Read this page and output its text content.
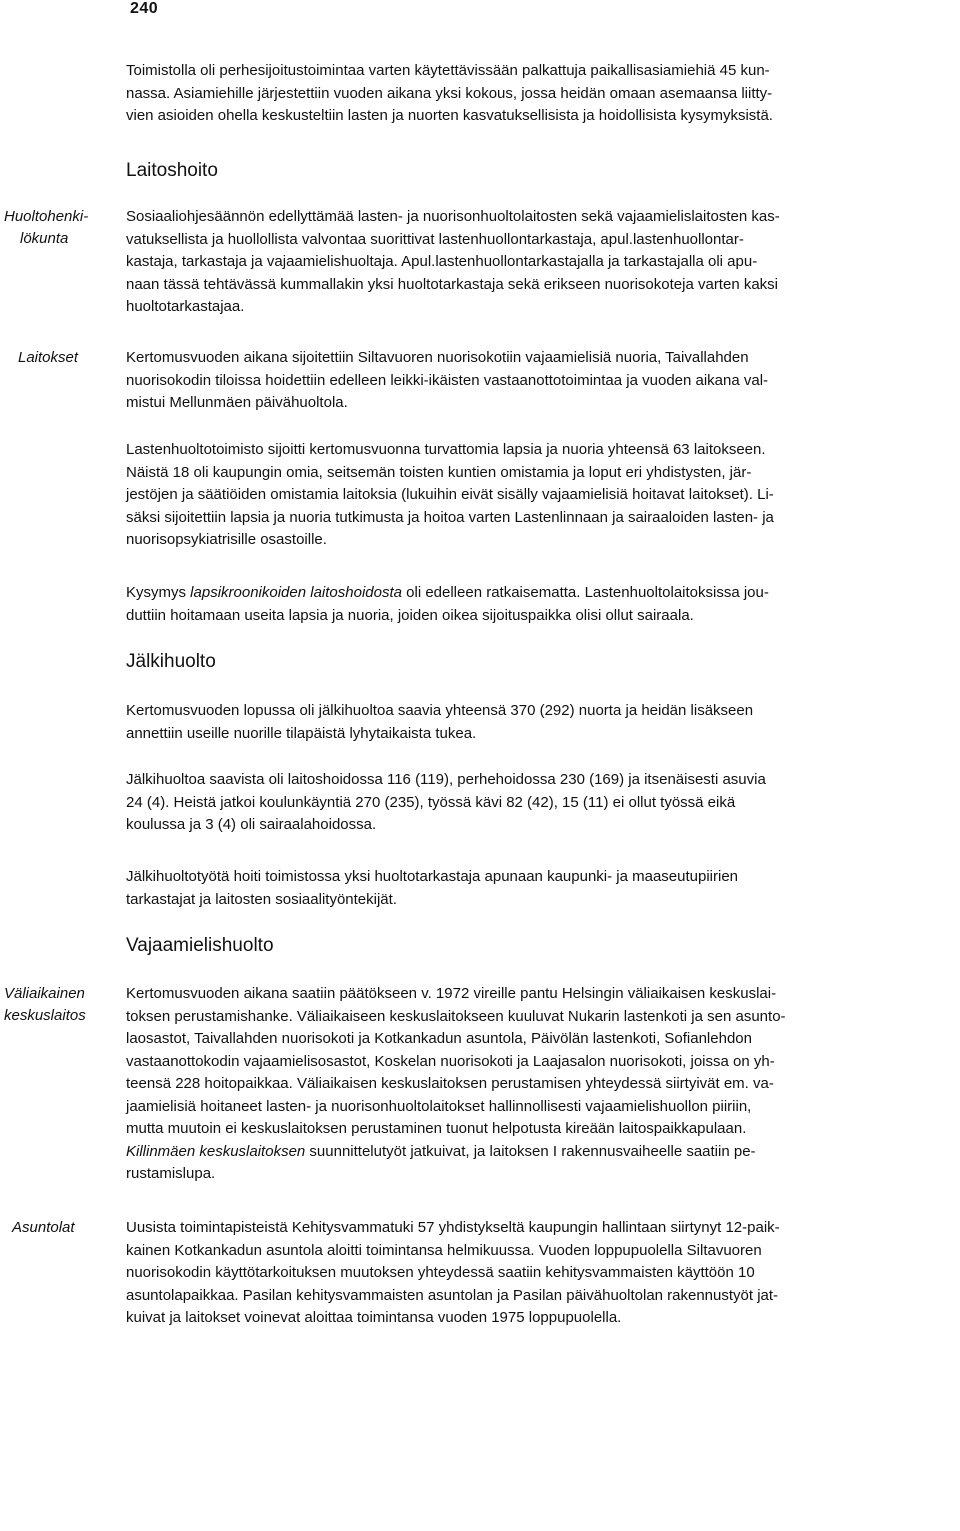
240

Toimistolla oli perhesijoitustoimintaa varten käytettävissään palkattuja paikallisasiamiehiä 45 kun-

nassa. Asiamiehille järjestettiin vuoden aikana yksi kokous, jossa heidän omaan asemaansa liitty-

vien asioiden ohella keskusteltiin lasten ja nuorten kasvatuksellisista ja hoidollisista kysymyksistä.

Laitoshoito
Huoltohenki-
lökunta

Sosiaaliohjesäännön edellyttämää lasten- ja nuorisonhuoltolaitosten sekä vajaamielislaitosten kas-

vatuksellista ja huollollista valvontaa suorittivat lastenhuollontarkastaja, apul.lastenhuollontar-

kastaja, tarkastaja ja vajaamielishuoltaja. Apul.lastenhuollontarkastajalla ja tarkastajalla oli apu-

naan tässä tehtävässä kummallakin yksi huoltotarkastaja sekä erikseen nuorisokoteja varten kaksi

huoltotarkastajaa.

Laitokset	Kertomusvuoden aikana sijoitettiin Siltavuoren nuorisokotiin vajaamielisiä nuoria, Taivallahden

nuorisokodin tiloissa hoidettiin edelleen leikki-ikäisten vastaanottotoimintaa ja vuoden aikana val-

mistui Mellunmäen päivähuoltola.

Lastenhuoltotoimisto sijoitti kertomusvuonna turvattomia lapsia ja nuoria yhteensä 63 laitokseen.

Näistä 18 oli kaupungin omia, seitsemän toisten kuntien omistamia ja loput eri yhdistysten, jär-

jestöjen ja säätiöiden omistamia laitoksia (lukuihin eivät sisälly vajaamielisiä hoitavat laitokset). Li-

säksi sijoitettiin lapsia ja nuoria tutkimusta ja hoitoa varten Lastenlinnaan ja sairaaloiden lasten- ja

nuorisopsykiatrisille osastoille.

Kysymys lapsikroonikoiden laitoshoidosta oli edelleen ratkaisematta. Lastenhuoltolaitoksissa jou-

duttiin hoitamaan useita lapsia ja nuoria, joiden oikea sijoituspaikka olisi ollut sairaala.

Jälkihuolto

Kertomusvuoden lopussa oli jälkihuoltoa saavia yhteensä 370 (292) nuorta ja heidän lisäkseen

annettiin useille nuorille tilapäistä lyhytaikaista tukea.

Jälkihuoltoa saavista oli laitoshoidossa 116 (119), perhehoidossa 230 (169) ja itsenäisesti asuvia

24 (4). Heistä jatkoi koulunkäyntiä 270 (235), työssä kävi 82 (42), 15 (11) ei ollut työssä eikä

koulussa ja 3 (4) oli sairaalahoidossa.

Jälkihuoltotyötä hoiti toimistossa yksi huoltotarkastaja apunaan kaupunki- ja maaseutupiirien

tarkastajat ja laitosten sosiaalityöntekijät.

Vajaamielishuolto
Väliaikainen
keskuslaitos

Kertomusvuoden aikana saatiin päätökseen v. 1972 vireille pantu Helsingin väliaikaisen keskuslai-

toksen perustamishanke. Väliaikaiseen keskuslaitokseen kuuluvat Nukarin lastenkoti ja sen asunto-

laosastot, Taivallahden nuorisokoti ja Kotkankadun asuntola, Päivölän lastenkoti, Sofianlehdon

vastaanottokodin vajaamielisosastot, Koskelan nuorisokoti ja Laajasalon nuorisokoti, joissa on yh-

teensä 228 hoitopaikkaa. Väliaikaisen keskuslaitoksen perustamisen yhteydessä siirtyivät em. va-

jaamielisiä hoitaneet lasten- ja nuorisonhuoltolaitokset hallinnollisesti vajaamielishuollon piiriin,

mutta muutoin ei keskuslaitoksen perustaminen tuonut helpotusta kireään laitospaikkapulaan.

Killinmäen keskuslaitoksen suunnittelutyöt jatkuivat, ja laitoksen I rakennusvaiheelle saatiin pe-

rustamislupa.

Asuntolat	Uusista toimintapisteistä Kehitysvammatuki 57 yhdistykseltä kaupungin hallintaan siirtynyt 12-paik-

kainen Kotkankadun asuntola aloitti toimintansa helmikuussa. Vuoden loppupuolella Siltavuoren

nuorisokodin käyttötarkoituksen muutoksen yhteydessä saatiin kehitysvammaisten käyttöön 10

asuntolapaikkaa. Pasilan kehitysvammaisten asuntolan ja Pasilan päivähuoltolan rakennustyöt jat-

kuivat ja laitokset voinevat aloittaa toimintansa vuoden 1975 loppupuolella.
